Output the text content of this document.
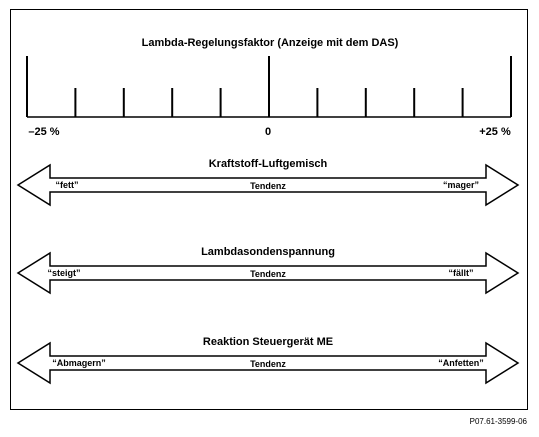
Lambda-Regelungsfaktor (Anzeige mit dem DAS)
–25 %	0	+25 %
Kraftstoff-Luftgemisch
“fett”	Tendenz	“mager”
Lambdasondenspannung
“steigt”	Tendenz	“fällt”
Reaktion Steuergerät ME
“Abmagern”	Tendenz	“Anfetten”
P07.61-3599-06
